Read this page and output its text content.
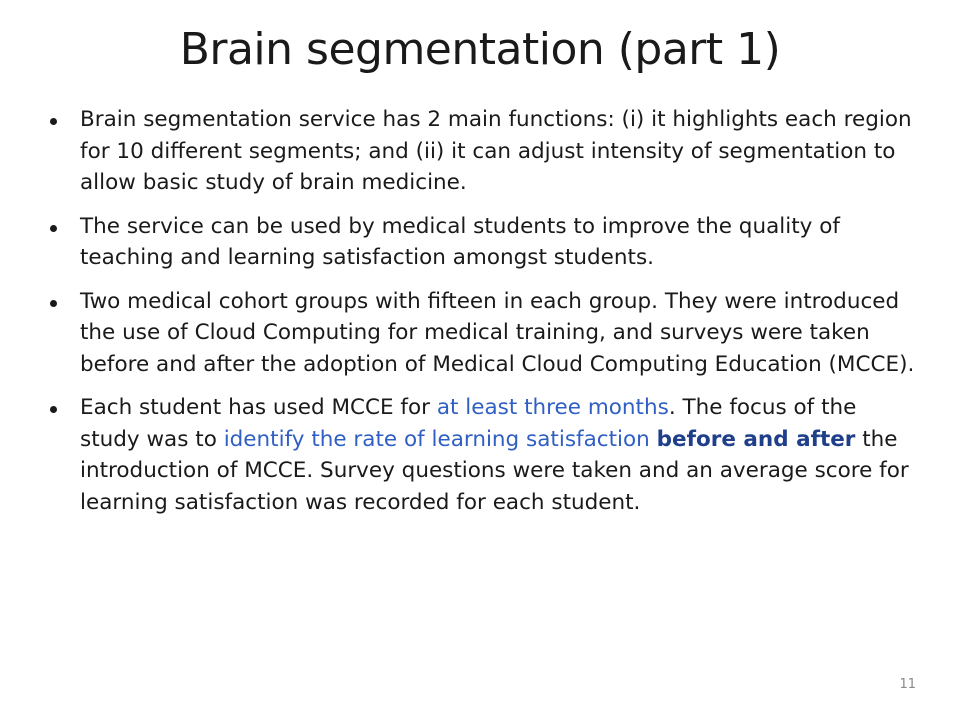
Brain segmentation (part 1)
Brain segmentation service has 2 main functions: (i) it highlights each region for 10 different segments; and (ii) it can adjust intensity of segmentation to allow basic study of brain medicine.
The service can be used by medical students to improve the quality of teaching and learning satisfaction amongst students.
Two medical cohort groups with fifteen in each group. They were introduced the use of Cloud Computing for medical training, and surveys were taken before and after the adoption of Medical Cloud Computing Education (MCCE).
Each student has used MCCE for at least three months. The focus of the study was to identify the rate of learning satisfaction before and after the introduction of MCCE. Survey questions were taken and an average score for learning satisfaction was recorded for each student.
11
